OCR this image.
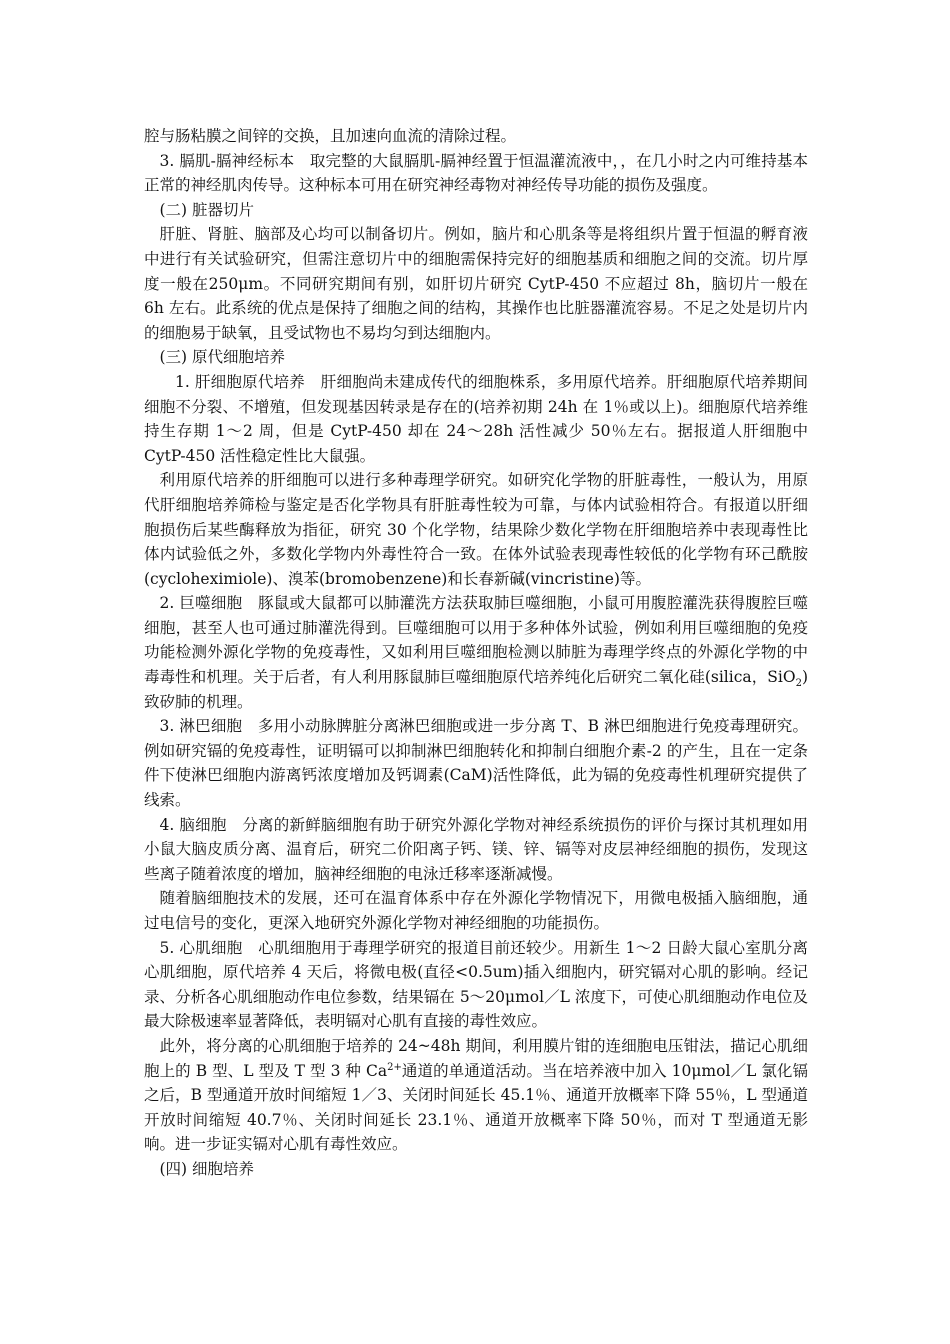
腔与肠粘膜之间锌的交换，且加速向血流的清除过程。

3. 膈肌-膈神经标本　取完整的大鼠膈肌-膈神经置于恒温灌流液中，，在几小时之内可维持基本正常的神经肌肉传导。这种标本可用在研究神经毒物对神经传导功能的损伤及强度。

(二) 脏器切片

肝脏、肾脏、脑部及心均可以制备切片。例如，脑片和心肌条等是将组织片置于恒温的孵育液中进行有关试验研究，但需注意切片中的细胞需保持完好的细胞基质和细胞之间的交流。切片厚度一般在250μm。不同研究期间有别，如肝切片研究 CytP-450 不应超过 8h，脑切片一般在 6h 左右。此系统的优点是保持了细胞之间的结构，其操作也比脏器灌流容易。不足之处是切片内的细胞易于缺氧，且受试物也不易均匀到达细胞内。

(三) 原代细胞培养

1. 肝细胞原代培养　肝细胞尚未建成传代的细胞株系，多用原代培养。肝细胞原代培养期间细胞不分裂、不增殖，但发现基因转录是存在的(培养初期 24h 在 1％或以上)。细胞原代培养维持生存期 1～2 周，但是 CytP-450 却在 24～28h 活性减少 50％左右。据报道人肝细胞中 CytP-450 活性稳定性比大鼠强。

利用原代培养的肝细胞可以进行多种毒理学研究。如研究化学物的肝脏毒性，一般认为，用原代肝细胞培养筛检与鉴定是否化学物具有肝脏毒性较为可靠，与体内试验相符合。有报道以肝细胞损伤后某些酶释放为指征，研究 30 个化学物，结果除少数化学物在肝细胞培养中表现毒性比体内试验低之外，多数化学物内外毒性符合一致。在体外试验表现毒性较低的化学物有环己酰胺(cycloheximiole)、溴苯(bromobenzene)和长春新碱(vincristine)等。

2. 巨噬细胞　豚鼠或大鼠都可以肺灌洗方法获取肺巨噬细胞，小鼠可用腹腔灌洗获得腹腔巨噬细胞，甚至人也可通过肺灌洗得到。巨噬细胞可以用于多种体外试验，例如利用巨噬细胞的免疫功能检测外源化学物的免疫毒性，又如利用巨噬细胞检测以肺脏为毒理学终点的外源化学物的中毒毒性和机理。关于后者，有人利用豚鼠肺巨噬细胞原代培养纯化后研究二氧化硅(silica，SiO$_2$)致矽肺的机理。

3. 淋巴细胞　多用小动脉脾脏分离淋巴细胞或进一步分离 T、B 淋巴细胞进行免疫毒理研究。例如研究镉的免疫毒性，证明镉可以抑制淋巴细胞转化和抑制白细胞介素-2 的产生，且在一定条件下使淋巴细胞内游离钙浓度增加及钙调素(CaM)活性降低，此为镉的免疫毒性机理研究提供了线索。

4. 脑细胞　分离的新鲜脑细胞有助于研究外源化学物对神经系统损伤的评价与探讨其机理如用小鼠大脑皮质分离、温育后，研究二价阳离子钙、镁、锌、镉等对皮层神经细胞的损伤，发现这些离子随着浓度的增加，脑神经细胞的电泳迁移率逐渐减慢。

随着脑细胞技术的发展，还可在温育体系中存在外源化学物情况下，用微电极插入脑细胞，通过电信号的变化，更深入地研究外源化学物对神经细胞的功能损伤。

5. 心肌细胞　心肌细胞用于毒理学研究的报道目前还较少。用新生 1～2 日龄大鼠心室肌分离心肌细胞，原代培养 4 天后，将微电极(直径<0.5um)插入细胞内，研究镉对心肌的影响。经记录、分析各心肌细胞动作电位参数，结果镉在 5～20μmol／L 浓度下，可使心肌细胞动作电位及最大除极速率显著降低，表明镉对心肌有直接的毒性效应。

此外，将分离的心肌细胞于培养的 24~48h 期间，利用膜片钳的连细胞电压钳法，描记心肌细胞上的 B 型、L 型及 T 型 3 种 $Ca^{2+}$通道的单通道活动。当在培养液中加入 10μmol／L 氯化镉之后，B 型通道开放时间缩短 1／3、关闭时间延长 45.1％、通道开放概率下降 55％，L 型通道开放时间缩短 40.7％、关闭时间延长 23.1％、通道开放概率下降 50％，而对 T 型通道无影响。进一步证实镉对心肌有毒性效应。

(四) 细胞培养
